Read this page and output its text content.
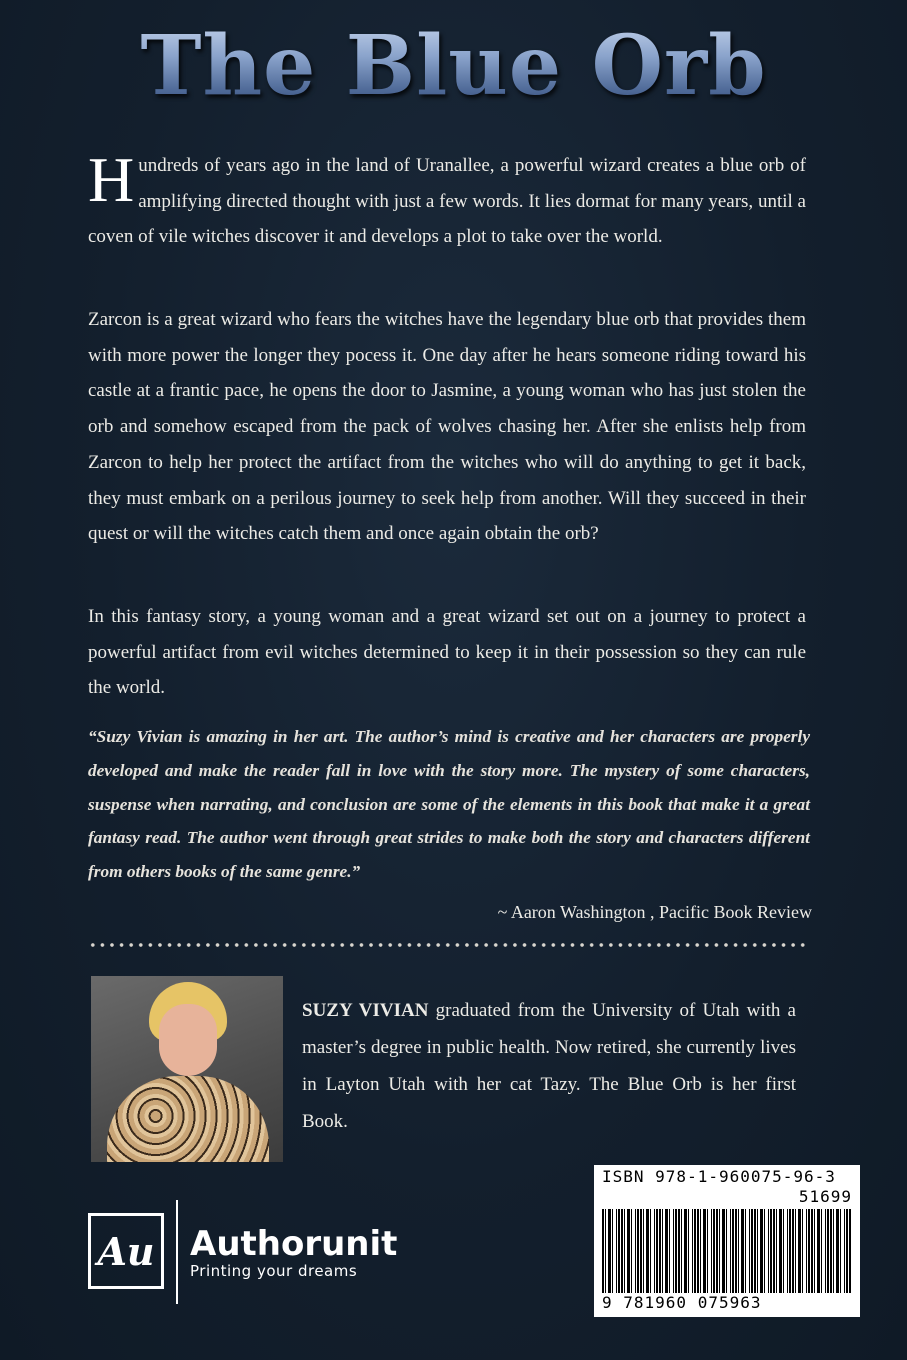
The Blue Orb

Hundreds of years ago in the land of Uranallee, a powerful wizard creates a blue orb of amplifying directed thought with just a few words. It lies dormat for many years, until a coven of vile witches discover it and develops a plot to take over the world.

Zarcon is a great wizard who fears the witches have the legendary blue orb that provides them with more power the longer they pocess it. One day after he hears someone riding toward his castle at a frantic pace, he opens the door to Jasmine, a young woman who has just stolen the orb and somehow escaped from the pack of wolves chasing her. After she enlists help from Zarcon to help her protect the artifact from the witches who will do anything to get it back, they must embark on a perilous journey to seek help from another. Will they succeed in their quest or will the witches catch them and once again obtain the orb?

In this fantasy story, a young woman and a great wizard set out on a journey to protect a powerful artifact from evil witches determined to keep it in their possession so they can rule the world.

“Suzy Vivian is amazing in her art. The author’s mind is creative and her characters are properly developed and make the reader fall in love with the story more. The mystery of some characters, suspense when narrating, and conclusion are some of the elements in this book that make it a great fantasy read. The author went through great strides to make both the story and characters different from others books of the same genre.”

~ Aaron Washington , Pacific Book Review

SUZY VIVIAN graduated from the University of Utah with a master’s degree in public health. Now retired, she currently lives in Layton Utah with her cat Tazy. The Blue Orb is her first Book.

Au Authorunit
Printing your dreams
ISBN 978-1-960075-96-3
51699
9 781960 075963
